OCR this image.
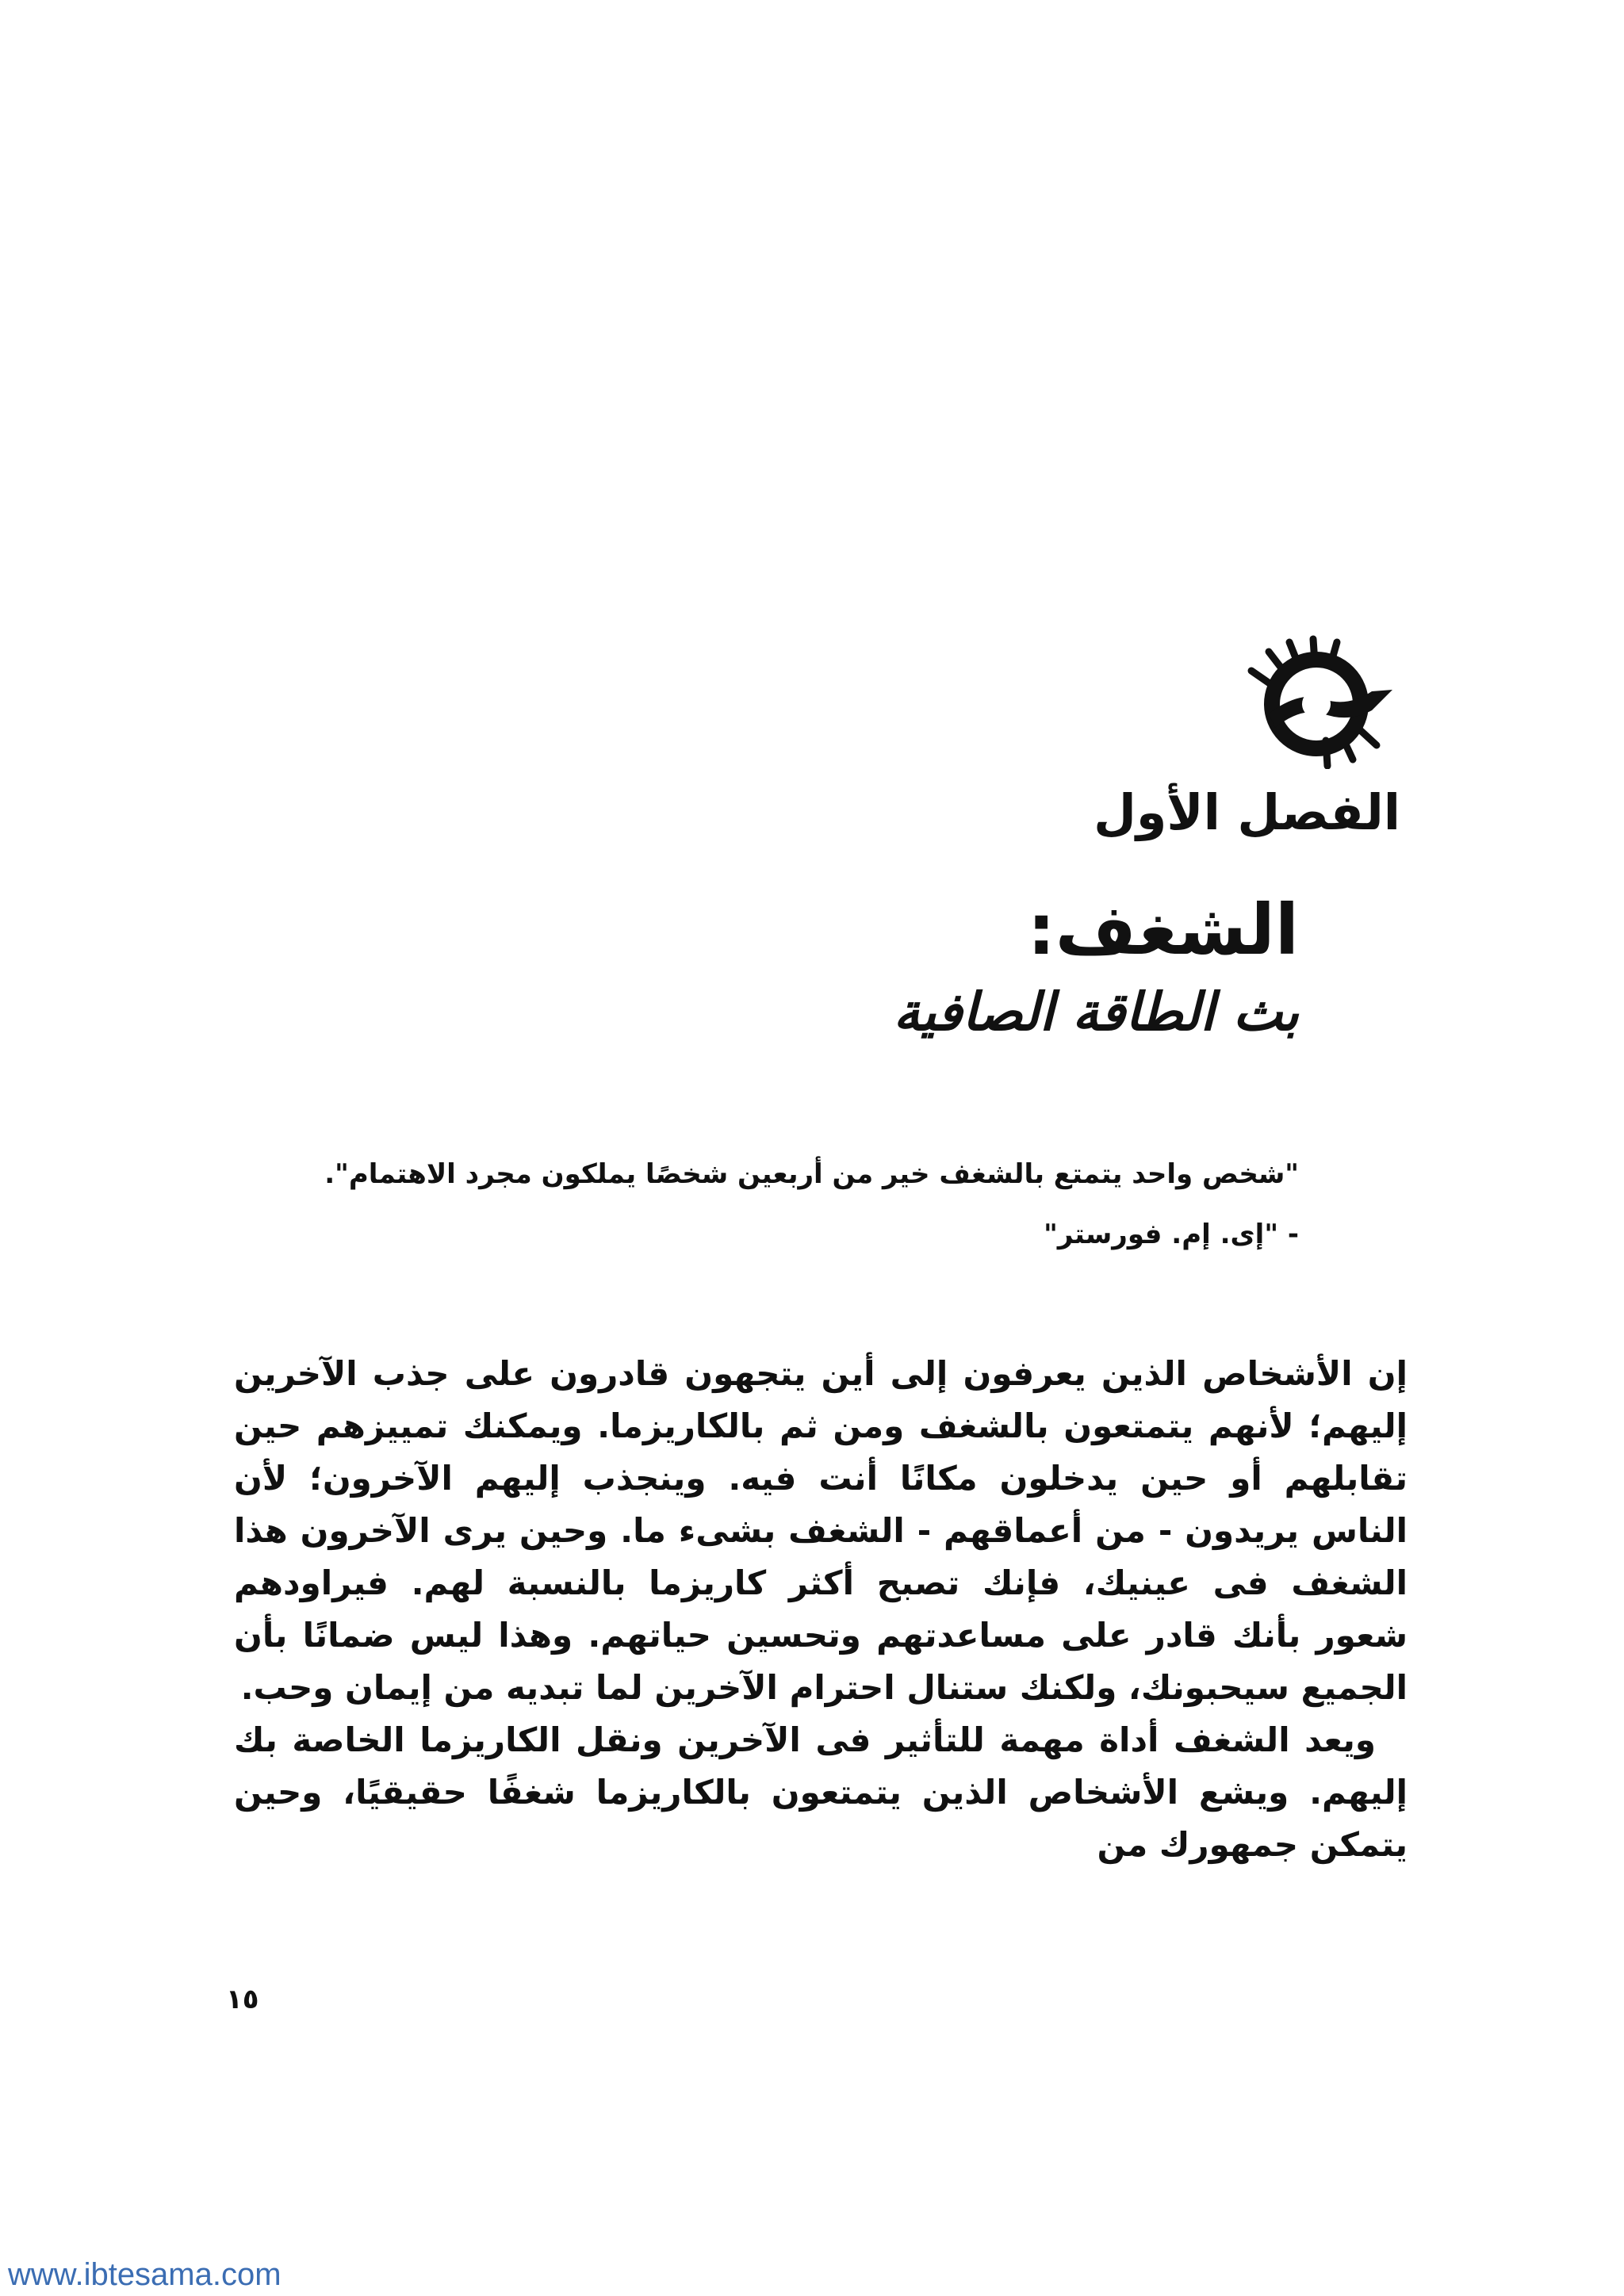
الفصل الأول
الشغف:
بث الطاقة الصافية

"شخص واحد يتمتع بالشغف خير من أربعين شخصًا يملكون مجرد الاهتمام".

- "إى. إم. فورستر"

إن الأشخاص الذين يعرفون إلى أين يتجهون قادرون على جذب الآخرين إليهم؛ لأنهم يتمتعون بالشغف ومن ثم بالكاريزما. ويمكنك تمييزهم حين تقابلهم أو حين يدخلون مكانًا أنت فيه. وينجذب إليهم الآخرون؛ لأن الناس يريدون - من أعماقهم - الشغف بشىء ما. وحين يرى الآخرون هذا الشغف فى عينيك، فإنك تصبح أكثر كاريزما بالنسبة لهم. فيراودهم شعور بأنك قادر على مساعدتهم وتحسين حياتهم. وهذا ليس ضمانًا بأن الجميع سيحبونك، ولكنك ستنال احترام الآخرين لما تبديه من إيمان وحب.

ويعد الشغف أداة مهمة للتأثير فى الآخرين ونقل الكاريزما الخاصة بك إليهم. ويشع الأشخاص الذين يتمتعون بالكاريزما شغفًا حقيقيًا، وحين يتمكن جمهورك من

١٥
www.ibtesama.com
